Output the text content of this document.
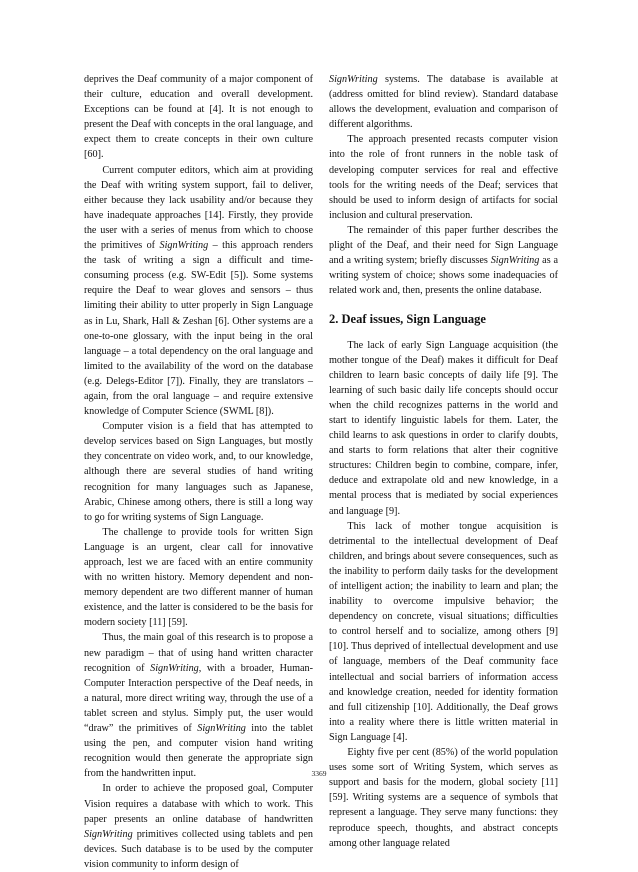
deprives the Deaf community of a major component of their culture, education and overall development. Exceptions can be found at [4]. It is not enough to present the Deaf with concepts in the oral language, and expect them to create concepts in their own culture [60].

Current computer editors, which aim at providing the Deaf with writing system support, fail to deliver, either because they lack usability and/or because they have inadequate approaches [14]. Firstly, they provide the user with a series of menus from which to choose the primitives of SignWriting – this approach renders the task of writing a sign a difficult and time-consuming process (e.g. SW-Edit [5]). Some systems require the Deaf to wear gloves and sensors – thus limiting their ability to utter properly in Sign Language as in Lu, Shark, Hall & Zeshan [6]. Other systems are a one-to-one glossary, with the input being in the oral language – a total dependency on the oral language and limited to the availability of the word on the database (e.g. Delegs-Editor [7]). Finally, they are translators – again, from the oral language – and require extensive knowledge of Computer Science (SWML [8]).

Computer vision is a field that has attempted to develop services based on Sign Languages, but mostly they concentrate on video work, and, to our knowledge, although there are several studies of hand writing recognition for many languages such as Japanese, Arabic, Chinese among others, there is still a long way to go for writing systems of Sign Language.

The challenge to provide tools for written Sign Language is an urgent, clear call for innovative approach, lest we are faced with an entire community with no written history. Memory dependent and non-memory dependent are two different manner of human existence, and the latter is considered to be the basis for modern society [11] [59].

Thus, the main goal of this research is to propose a new paradigm – that of using hand written character recognition of SignWriting, with a broader, Human-Computer Interaction perspective of the Deaf needs, in a natural, more direct writing way, through the use of a tablet screen and stylus. Simply put, the user would “draw” the primitives of SignWriting into the tablet using the pen, and computer vision hand writing recognition would then generate the appropriate sign from the handwritten input.

In order to achieve the proposed goal, Computer Vision requires a database with which to work. This paper presents an online database of handwritten SignWriting primitives collected using tablets and pen devices. Such database is to be used by the computer vision community to inform design of

SignWriting systems. The database is available at (address omitted for blind review). Standard database allows the development, evaluation and comparison of different algorithms.

The approach presented recasts computer vision into the role of front runners in the noble task of developing computer services for real and effective tools for the writing needs of the Deaf; services that should be used to inform design of artifacts for social inclusion and cultural preservation.

The remainder of this paper further describes the plight of the Deaf, and their need for Sign Language and a writing system; briefly discusses SignWriting as a writing system of choice; shows some inadequacies of related work and, then, presents the online database.

2. Deaf issues, Sign Language

The lack of early Sign Language acquisition (the mother tongue of the Deaf) makes it difficult for Deaf children to learn basic concepts of daily life [9]. The learning of such basic daily life concepts should occur when the child recognizes patterns in the world and start to identify linguistic labels for them. Later, the child learns to ask questions in order to clarify doubts, and starts to form relations that alter their cognitive structures: Children begin to combine, compare, infer, deduce and extrapolate old and new knowledge, in a mental process that is mediated by social experiences and language [9].

This lack of mother tongue acquisition is detrimental to the intellectual development of Deaf children, and brings about severe consequences, such as the inability to perform daily tasks for the development of intelligent action; the inability to learn and plan; the inability to overcome impulsive behavior; the dependency on concrete, visual situations; difficulties to control herself and to socialize, among others [9] [10]. Thus deprived of intellectual development and use of language, members of the Deaf community face intellectual and social barriers of information access and knowledge creation, needed for identity formation and full citizenship [10]. Additionally, the Deaf grows into a reality where there is little written material in Sign Language [4].

Eighty five per cent (85%) of the world population uses some sort of Writing System, which serves as support and basis for the modern, global society [11] [59]. Writing systems are a sequence of symbols that represent a language. They serve many functions: they reproduce speech, thoughts, and abstract concepts among other language related

3369
